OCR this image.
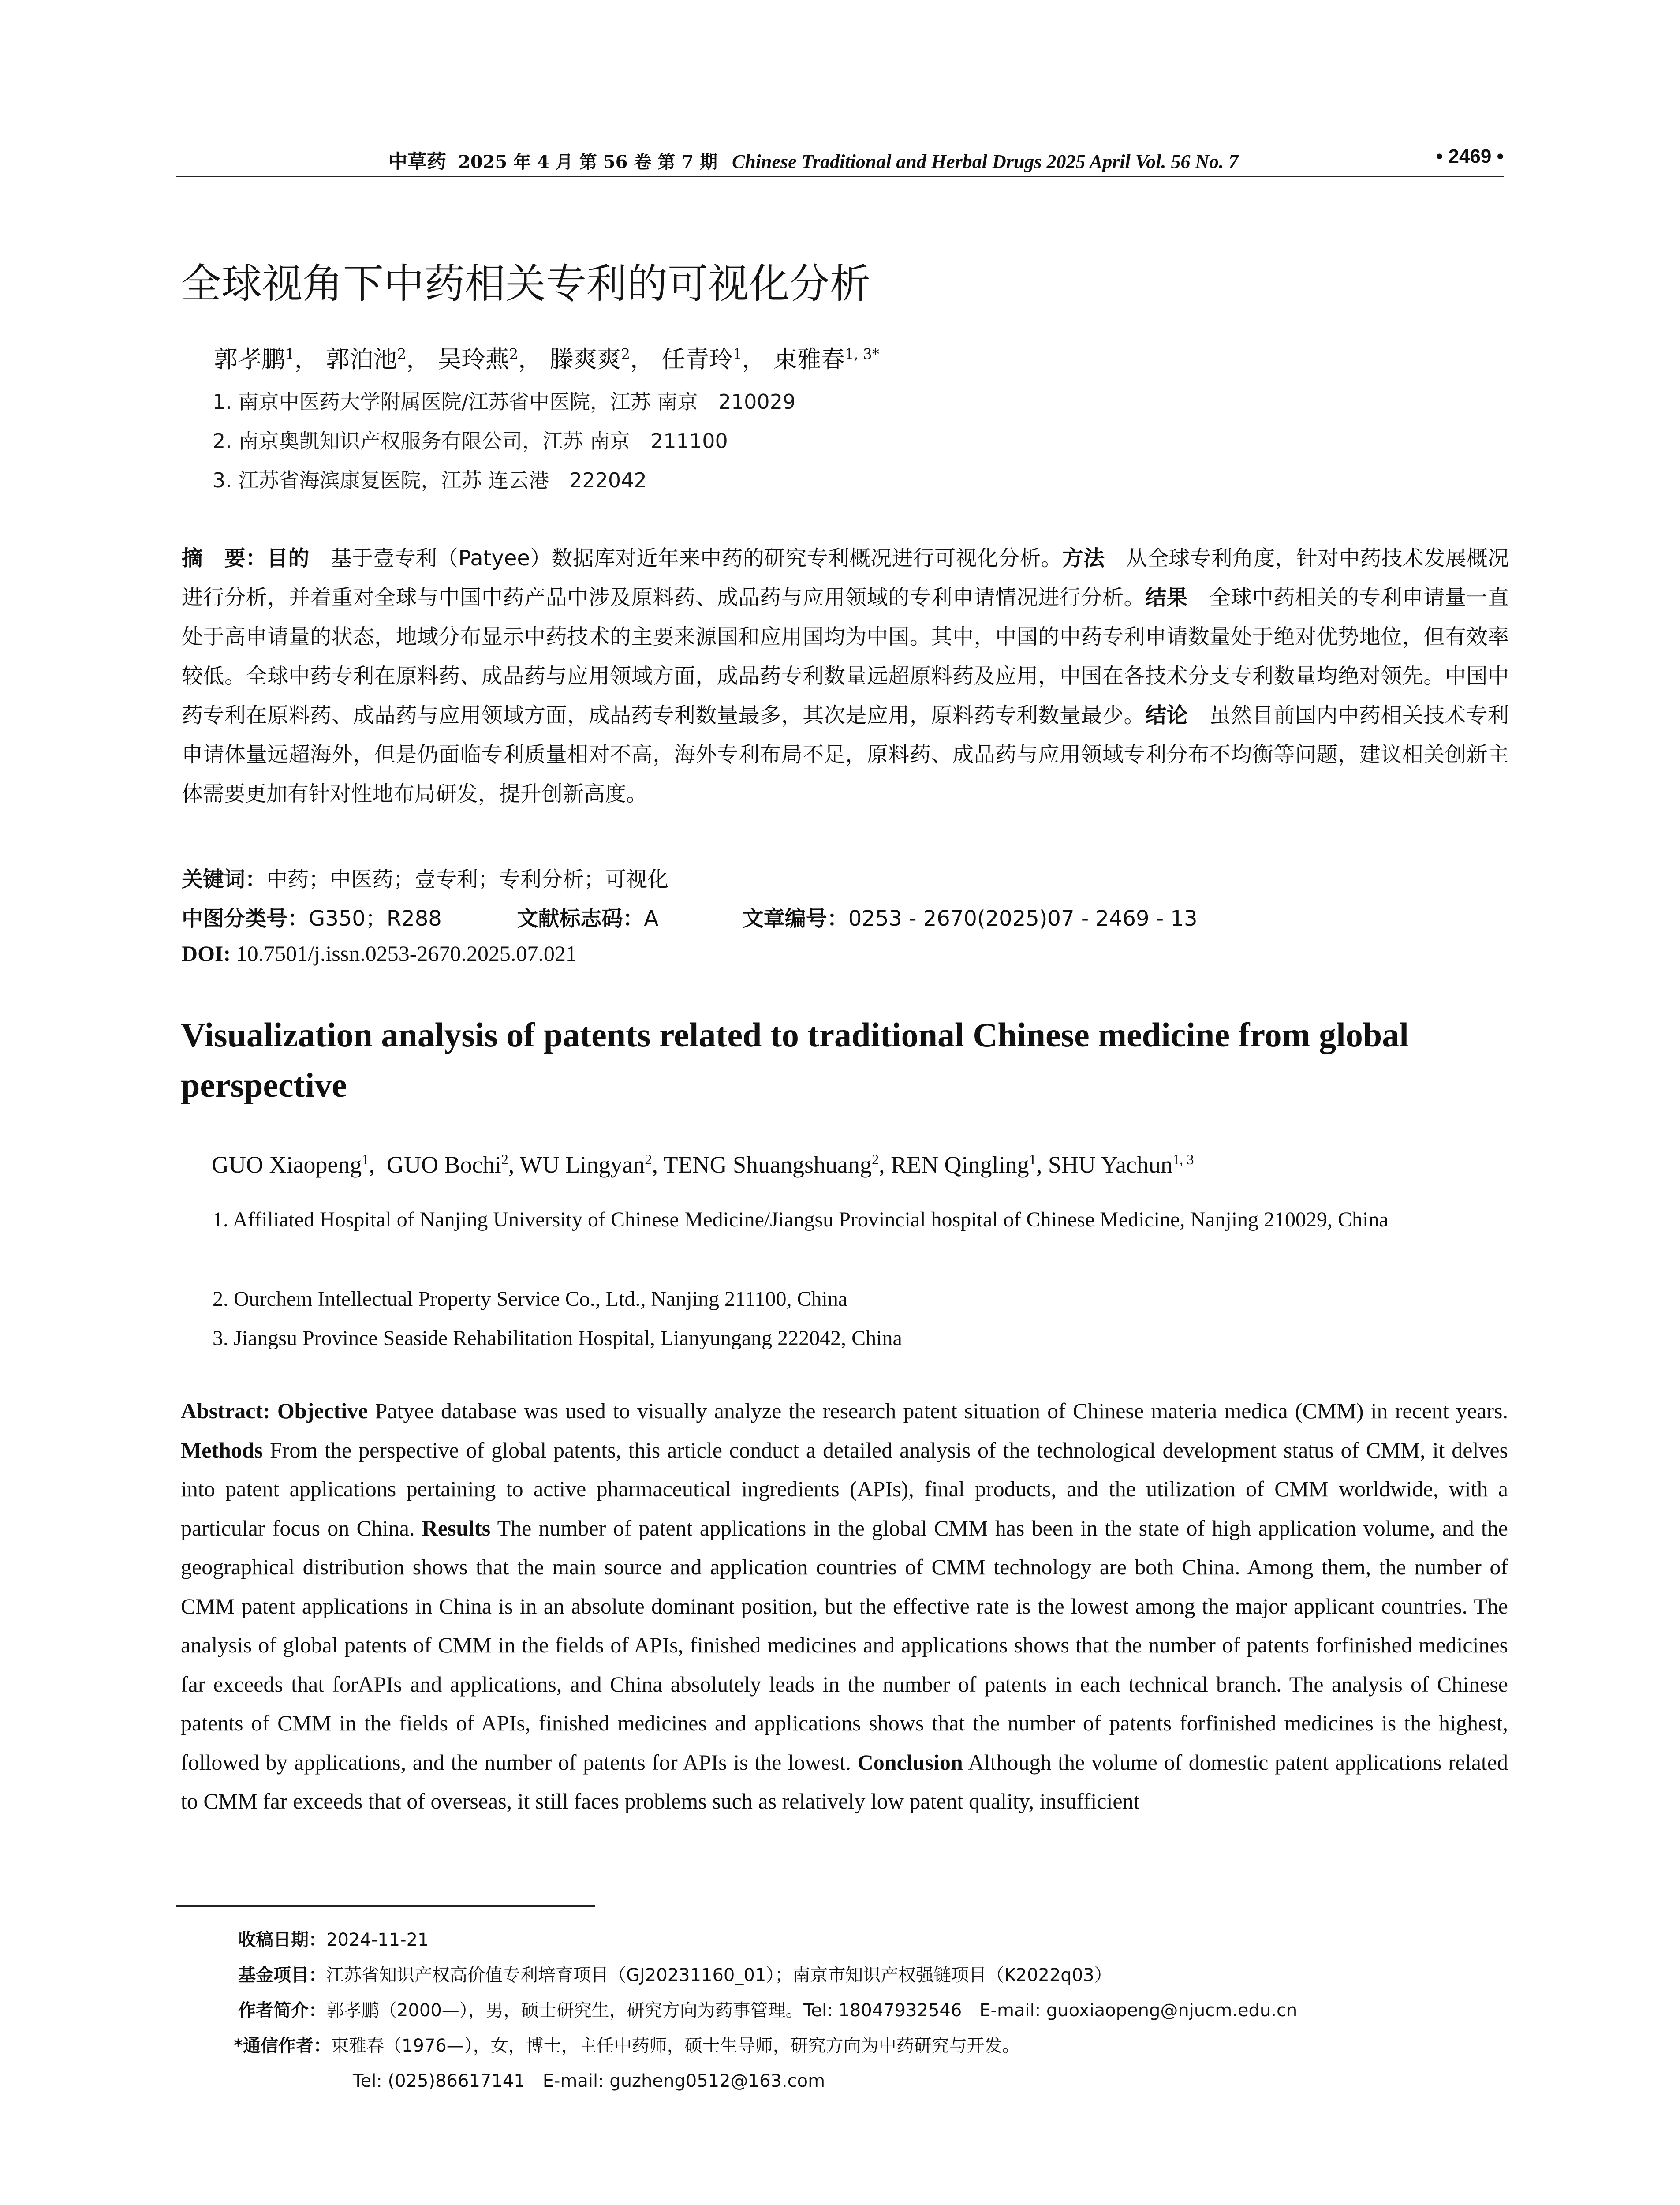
中草药 2025 年 4 月 第 56 卷 第 7 期 Chinese Traditional and Herbal Drugs 2025 April Vol. 56 No. 7	• 2469 •
全球视角下中药相关专利的可视化分析
郭孝鹏$^1$， 郭泊池$^2$， 吴玲燕$^2$， 滕爽爽$^2$， 任青玲$^1$， 束雅春$^{1, 3*}$
1. 南京中医药大学附属医院/江苏省中医院，江苏 南京　210029
2. 南京奥凯知识产权服务有限公司，江苏 南京　211100
3. 江苏省海滨康复医院，江苏 连云港　222042
摘　要：目的　基于壹专利（Patyee）数据库对近年来中药的研究专利概况进行可视化分析。方法　从全球专利角度，针对中药技术发展概况进行分析，并着重对全球与中国中药产品中涉及原料药、成品药与应用领域的专利申请情况进行分析。结果　全球中药相关的专利申请量一直处于高申请量的状态，地域分布显示中药技术的主要来源国和应用国均为中国。其中，中国的中药专利申请数量处于绝对优势地位，但有效率较低。全球中药专利在原料药、成品药与应用领域方面，成品药专利数量远超原料药及应用，中国在各技术分支专利数量均绝对领先。中国中药专利在原料药、成品药与应用领域方面，成品药专利数量最多，其次是应用，原料药专利数量最少。结论　虽然目前国内中药相关技术专利申请体量远超海外，但是仍面临专利质量相对不高，海外专利布局不足，原料药、成品药与应用领域专利分布不均衡等问题，建议相关创新主体需要更加有针对性地布局研发，提升创新高度。
关键词：中药；中医药；壹专利；专利分析；可视化
中图分类号：G350；R288	文献标志码：A	文章编号：0253 - 2670(2025)07 - 2469 - 13
DOI: 10.7501/j.issn.0253-2670.2025.07.021
Visualization analysis of patents related to traditional Chinese medicine from global perspective
GUO Xiaopeng$^1$,  GUO Bochi$^2$, WU Lingyan$^2$, TENG Shuangshuang$^2$, REN Qingling$^1$, SHU Yachun$^{1, 3}$
1. Affiliated Hospital of Nanjing University of Chinese Medicine/Jiangsu Provincial hospital of Chinese Medicine, Nanjing 210029, China
2. Ourchem Intellectual Property Service Co., Ltd., Nanjing 211100, China
3. Jiangsu Province Seaside Rehabilitation Hospital, Lianyungang 222042, China
Abstract: Objective Patyee database was used to visually analyze the research patent situation of Chinese materia medica (CMM) in recent years. Methods From the perspective of global patents, this article conduct a detailed analysis of the technological development status of CMM, it delves into patent applications pertaining to active pharmaceutical ingredients (APIs), final products, and the utilization of CMM worldwide, with a particular focus on China. Results The number of patent applications in the global CMM has been in the state of high application volume, and the geographical distribution shows that the main source and application countries of CMM technology are both China. Among them, the number of CMM patent applications in China is in an absolute dominant position, but the effective rate is the lowest among the major applicant countries. The analysis of global patents of CMM in the fields of APIs, finished medicines and applications shows that the number of patents forfinished medicines far exceeds that forAPIs and applications, and China absolutely leads in the number of patents in each technical branch. The analysis of Chinese patents of CMM in the fields of APIs, finished medicines and applications shows that the number of patents forfinished medicines is the highest, followed by applications, and the number of patents for APIs is the lowest. Conclusion Although the volume of domestic patent applications related to CMM far exceeds that of overseas, it still faces problems such as relatively low patent quality, insufficient
收稿日期：2024-11-21
基金项目：江苏省知识产权高价值专利培育项目（GJ20231160_01）；南京市知识产权强链项目（K2022q03）
作者简介：郭孝鹏（2000—），男，硕士研究生，研究方向为药事管理。Tel: 18047932546　E-mail: guoxiaopeng@njucm.edu.cn
*通信作者：束雅春（1976—），女，博士，主任中药师，硕士生导师，研究方向为中药研究与开发。
Tel: (025)86617141　E-mail: guzheng0512@163.com
